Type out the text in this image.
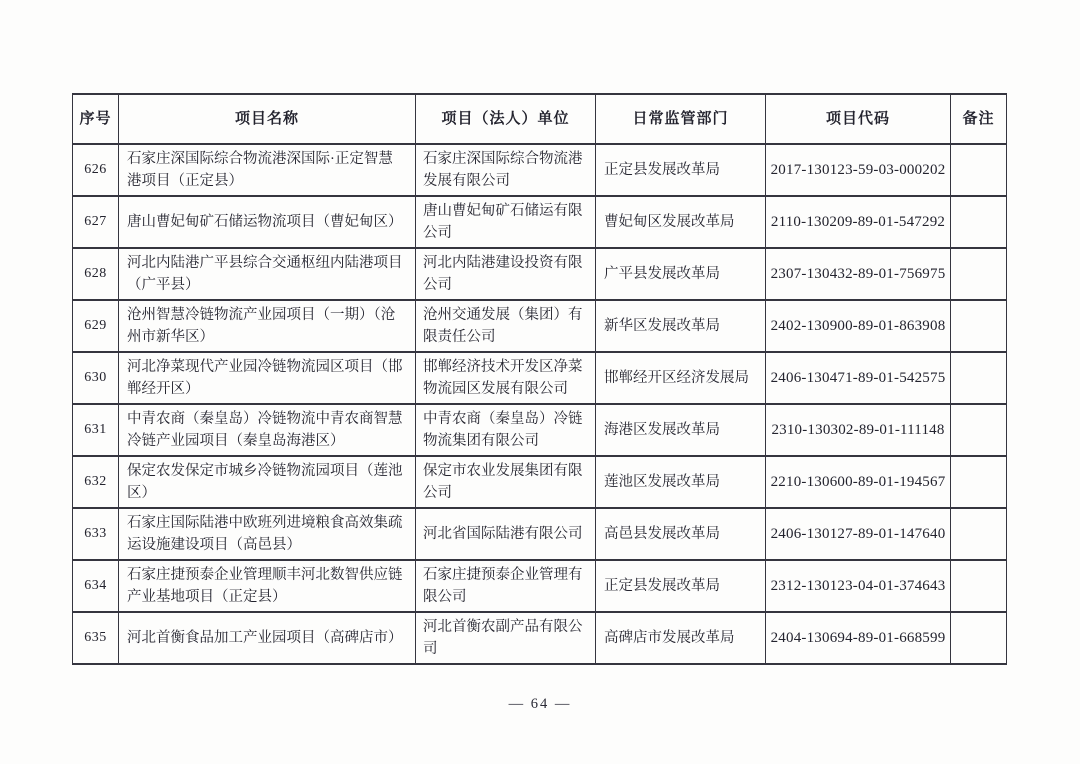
序号	项目名称	项目（法人）单位	日常监管部门	项目代码	备注
626	石家庄深国际综合物流港深国际·正定智慧港项目（正定县）	石家庄深国际综合物流港发展有限公司	正定县发展改革局	2017-130123-59-03-000202	
627	唐山曹妃甸矿石储运物流项目（曹妃甸区）	唐山曹妃甸矿石储运有限公司	曹妃甸区发展改革局	2110-130209-89-01-547292	
628	河北内陆港广平县综合交通枢纽内陆港项目（广平县）	河北内陆港建设投资有限公司	广平县发展改革局	2307-130432-89-01-756975	
629	沧州智慧冷链物流产业园项目（一期）（沧州市新华区）	沧州交通发展（集团）有限责任公司	新华区发展改革局	2402-130900-89-01-863908	
630	河北净菜现代产业园冷链物流园区项目（邯郸经开区）	邯郸经济技术开发区净菜物流园区发展有限公司	邯郸经开区经济发展局	2406-130471-89-01-542575	
631	中青农商（秦皇岛）冷链物流中青农商智慧冷链产业园项目（秦皇岛海港区）	中青农商（秦皇岛）冷链物流集团有限公司	海港区发展改革局	2310-130302-89-01-111148	
632	保定农发保定市城乡冷链物流园项目（莲池区）	保定市农业发展集团有限公司	莲池区发展改革局	2210-130600-89-01-194567	
633	石家庄国际陆港中欧班列进境粮食高效集疏运设施建设项目（高邑县）	河北省国际陆港有限公司	高邑县发展改革局	2406-130127-89-01-147640	
634	石家庄捷预泰企业管理顺丰河北数智供应链产业基地项目（正定县）	石家庄捷预泰企业管理有限公司	正定县发展改革局	2312-130123-04-01-374643	
635	河北首衡食品加工产业园项目（高碑店市）	河北首衡农副产品有限公司	高碑店市发展改革局	2404-130694-89-01-668599	
— 64 —
